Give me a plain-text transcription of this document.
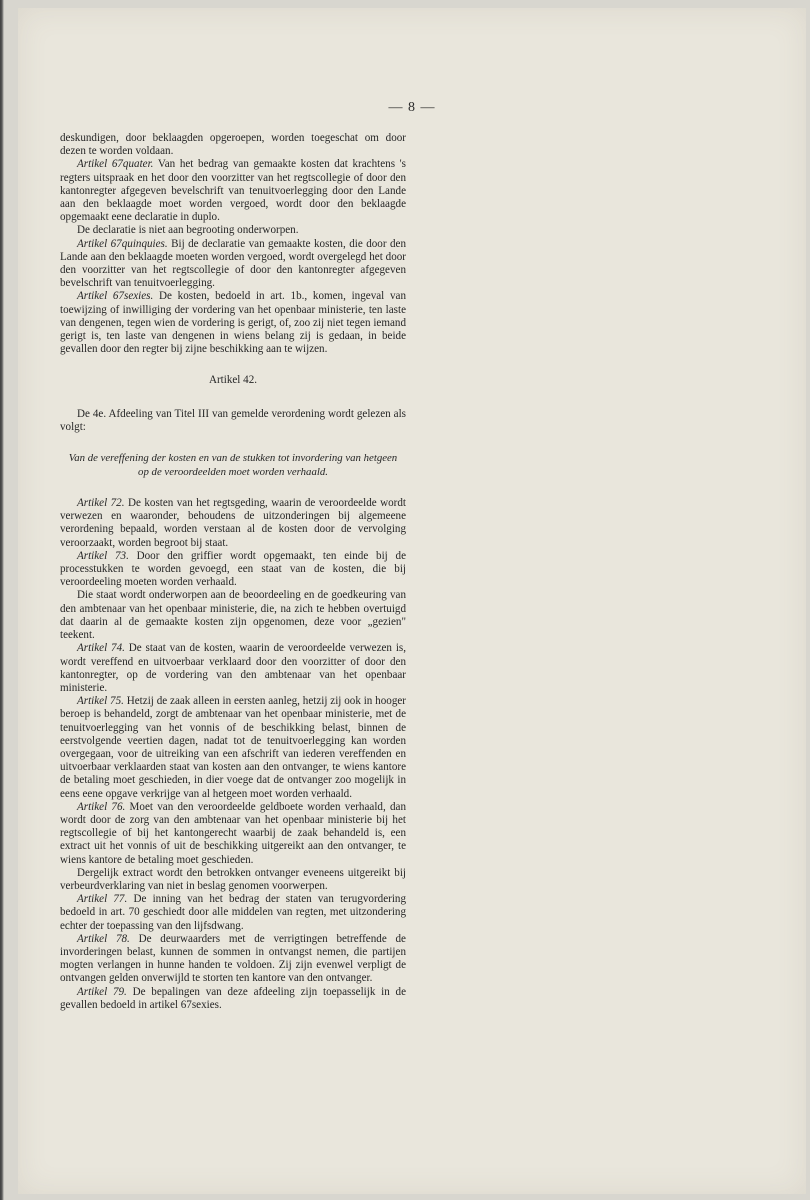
— 8 —

deskundigen, door beklaagden opgeroepen, worden toegeschat om door dezen te worden voldaan.

Artikel 67quater. Van het bedrag van gemaakte kosten dat krachtens 's regters uitspraak en het door den voorzitter van het regtscollegie of door den kantonregter afgegeven bevelschrift van tenuitvoerlegging door den Lande aan den beklaagde moet worden vergoed, wordt door den beklaagde opgemaakt eene declaratie in duplo.

De declaratie is niet aan begrooting onderworpen.

Artikel 67quinquies. Bij de declaratie van gemaakte kosten, die door den Lande aan den beklaagde moeten worden vergoed, wordt overgelegd het door den voorzitter van het regtscollegie of door den kantonregter afgegeven bevelschrift van tenuitvoerlegging.

Artikel 67sexies. De kosten, bedoeld in art. 1b., komen, ingeval van toewijzing of inwilliging der vordering van het openbaar ministerie, ten laste van dengenen, tegen wien de vordering is gerigt, of, zoo zij niet tegen iemand gerigt is, ten laste van dengenen in wiens belang zij is gedaan, in beide gevallen door den regter bij zijne beschikking aan te wijzen.

Artikel 42.

De 4e. Afdeeling van Titel III van gemelde verordening wordt gelezen als volgt:

Van de vereffening der kosten en van de stukken tot invordering van hetgeen op de veroordeelden moet worden verhaald.

Artikel 72. De kosten van het regtsgeding, waarin de veroordeelde wordt verwezen en waaronder, behoudens de uitzonderingen bij algemeene verordening bepaald, worden verstaan al de kosten door de vervolging veroorzaakt, worden begroot bij staat.

Artikel 73. Door den griffier wordt opgemaakt, ten einde bij de processtukken te worden gevoegd, een staat van de kosten, die bij veroordeeling moeten worden verhaald.

Die staat wordt onderworpen aan de beoordeeling en de goedkeuring van den ambtenaar van het openbaar ministerie, die, na zich te hebben overtuigd dat daarin al de gemaakte kosten zijn opgenomen, deze voor „gezien" teekent.

Artikel 74. De staat van de kosten, waarin de veroordeelde verwezen is, wordt vereffend en uitvoerbaar verklaard door den voorzitter of door den kantonregter, op de vordering van den ambtenaar van het openbaar ministerie.

Artikel 75. Hetzij de zaak alleen in eersten aanleg, hetzij zij ook in hooger beroep is behandeld, zorgt de ambtenaar van het openbaar ministerie, met de tenuitvoerlegging van het vonnis of de beschikking belast, binnen de eerstvolgende veertien dagen, nadat tot de tenuitvoerlegging kan worden overgegaan, voor de uitreiking van een afschrift van iederen vereffenden en uitvoerbaar verklaarden staat van kosten aan den ontvanger, te wiens kantore de betaling moet geschieden, in dier voege dat de ontvanger zoo mogelijk in eens eene opgave verkrijge van al hetgeen moet worden verhaald.

Artikel 76. Moet van den veroordeelde geldboete worden verhaald, dan wordt door de zorg van den ambtenaar van het openbaar ministerie bij het regtscollegie of bij het kantongerecht waarbij de zaak behandeld is, een extract uit het vonnis of uit de beschikking uitgereikt aan den ontvanger, te wiens kantore de betaling moet geschieden.

Dergelijk extract wordt den betrokken ontvanger eveneens uitgereikt bij verbeurdverklaring van niet in beslag genomen voorwerpen.

Artikel 77. De inning van het bedrag der staten van terugvordering bedoeld in art. 70 geschiedt door alle middelen van regten, met uitzondering echter der toepassing van den lijfsdwang.

Artikel 78. De deurwaarders met de verrigtingen betreffende de invorderingen belast, kunnen de sommen in ontvangst nemen, die partijen mogten verlangen in hunne handen te voldoen. Zij zijn evenwel verpligt de ontvangen gelden onverwijld te storten ten kantore van den ontvanger.

Artikel 79. De bepalingen van deze afdeeling zijn toepasselijk in de gevallen bedoeld in artikel 67sexies.
